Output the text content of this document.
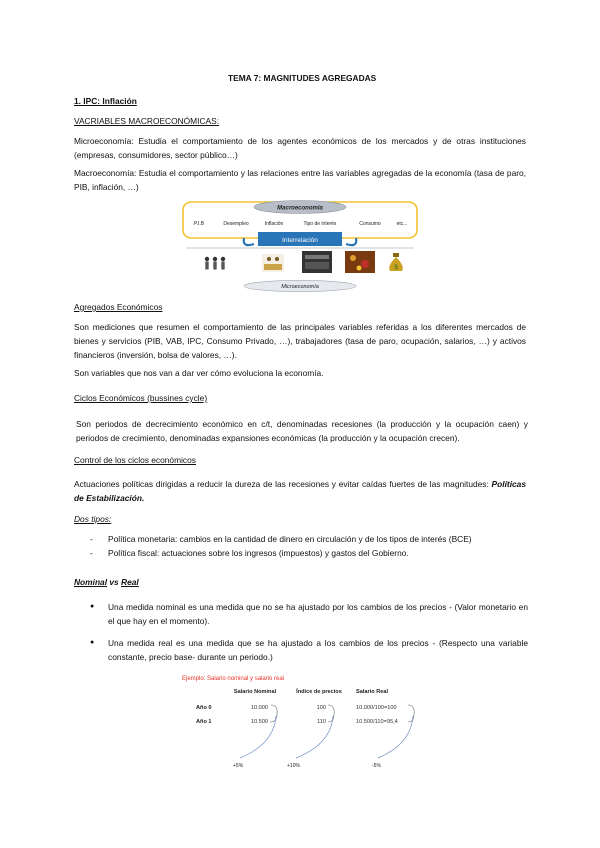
TEMA 7: MAGNITUDES AGREGADAS
1. IPC: Inflación
VACRIABLES MACROECONÓMICAS:
Microeconomía: Estudia el comportamiento de los agentes económicos de los mercados y de otras instituciones (empresas, consumidores, sector público…)
Macroeconomía: Estudia el comportamiento y las relaciones entre las variables agregadas de la economía (tasa de paro, PIB, inflación, …)
Macroeconomía
P.I.B	Desempleo	Inflación	Tipo de interés	Consumo	etc...
Interrelación
$
Microeconomía
Agregados Económicos
Son mediciones que resumen el comportamiento de las principales variables referidas a los diferentes mercados de bienes y servicios (PIB, VAB, IPC, Consumo Privado, …), trabajadores (tasa de paro, ocupación, salarios, …) y activos financieros (inversión, bolsa de valores, …).
Son variables que nos van a dar ver cómo evoluciona la economía.
Ciclos Económicos (bussines cycle)
Son periodos de decrecimiento económico en c/t, denominadas recesiones (la producción y la ocupación caen) y periodos de crecimiento, denominadas expansiones económicas (la producción y la ocupación crecen).
Control de los ciclos económicos
Actuaciones políticas dirigidas a reducir la dureza de las recesiones y evitar caídas fuertes de las magnitudes: Políticas de Estabilización.
Dos tipos:
- Política monetaria: cambios en la cantidad de dinero en circulación y de los tipos de interés (BCE)
- Política fiscal: actuaciones sobre los ingresos (impuestos) y gastos del Gobierno.
Nominal vs Real
● Una medida nominal es una medida que no se ha ajustado por los cambios de los precios - (Valor monetario en el que hay en el momento).
● Una medida real es una medida que se ha ajustado a los cambios de los precios - (Respecto una variable constante, precio base- durante un periodo.)
Ejemplo: Salario nominal y salario real
Salario Nominal	Índice de precios	Salario Real
Año 0	10.000	100	10.000/100=100
Año 1	10.500	110	10.500/110=95,4
+5%	+10%	-5%
